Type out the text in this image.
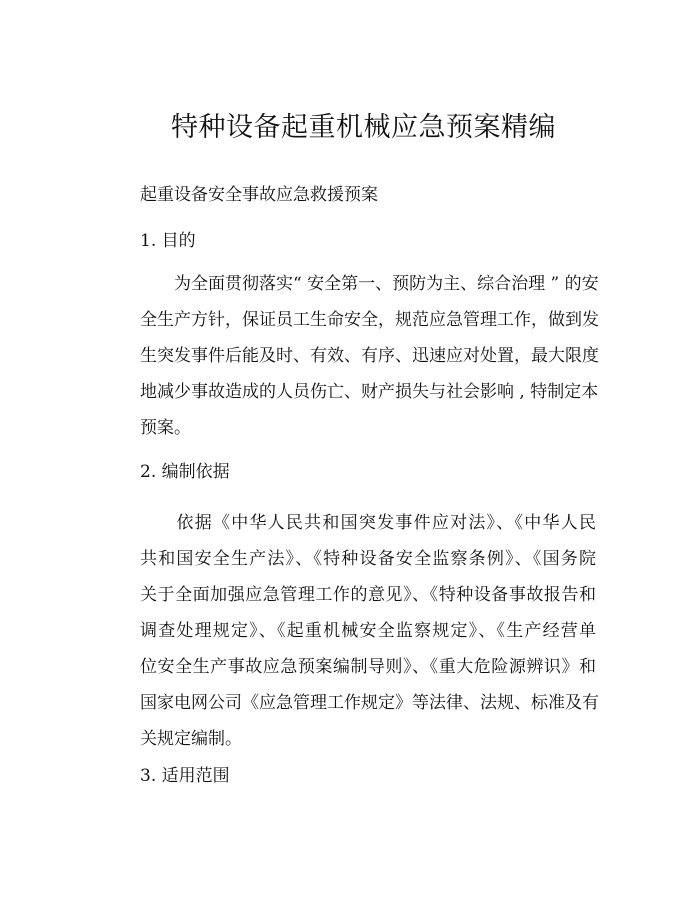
特种设备起重机械应急预案精编
起重设备安全事故应急救援预案
1. 目的
　　为全面贯彻落实“ 安全第一、预防为主、综合治理 ” 的安
全生产方针，保证员工生命安全，规范应急管理工作，做到发
生突发事件后能及时、有效、有序、迅速应对处置，最大限度
地减少事故造成的人员伤亡、财产损失与社会影响 , 特制定本
预案。
2. 编制依据
　　依据《中华人民共和国突发事件应对法》、《中华人民
共和国安全生产法》、《特种设备安全监察条例》、《国务院
关于全面加强应急管理工作的意见》、《特种设备事故报告和
调查处理规定》、《起重机械安全监察规定》、《生产经营单
位安全生产事故应急预案编制导则》、《重大危险源辨识》和
国家电网公司《应急管理工作规定》等法律、法规、标准及有
关规定编制。
3. 适用范围
